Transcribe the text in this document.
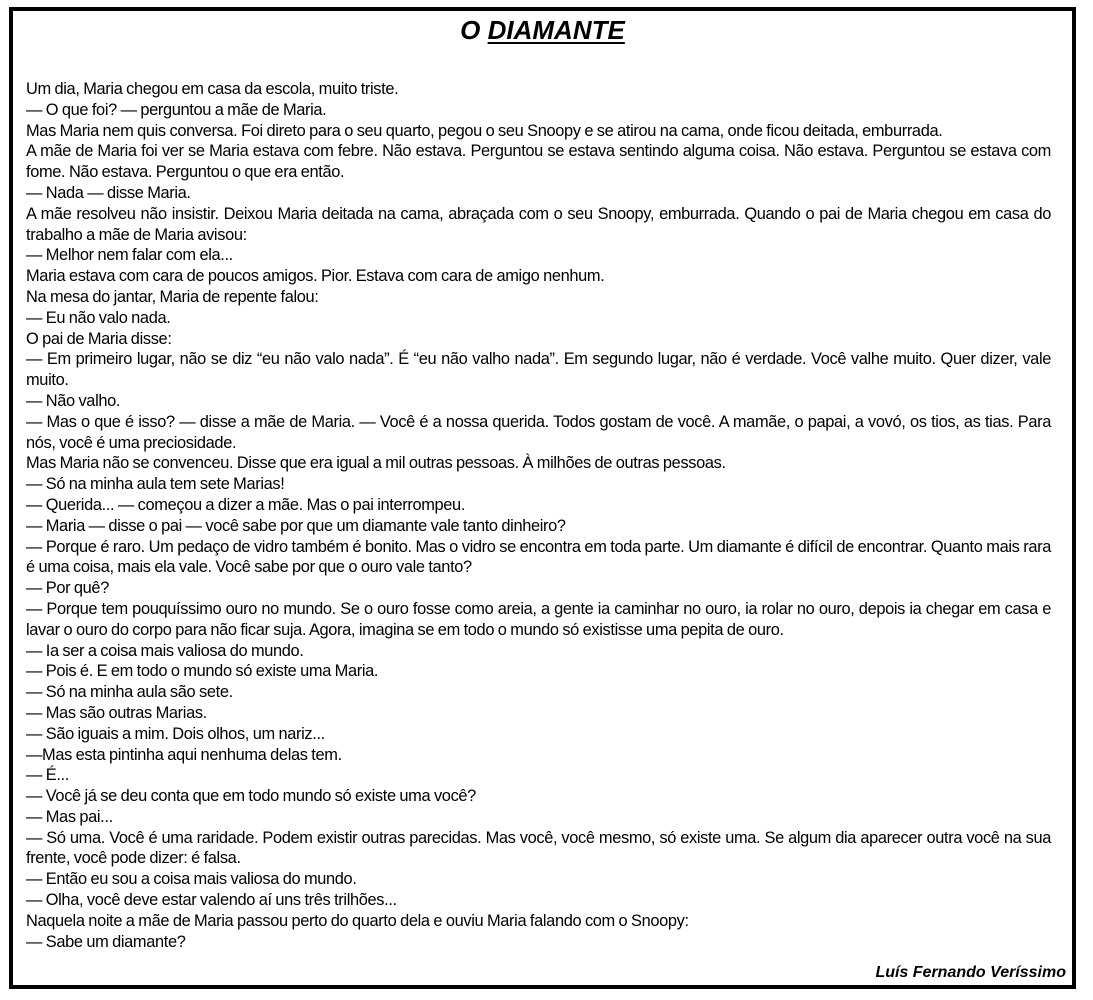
O DIAMANTE

Um dia, Maria chegou em casa da escola, muito triste.

— O que foi? — perguntou a mãe de Maria.

Mas Maria nem quis conversa. Foi direto para o seu quarto, pegou o seu Snoopy e se atirou na cama, onde ficou deitada, emburrada.

A mãe de Maria foi ver se Maria estava com febre. Não estava. Perguntou se estava sentindo alguma coisa. Não estava. Perguntou se estava com fome. Não estava. Perguntou o que era então.

— Nada — disse Maria.

A mãe resolveu não insistir. Deixou Maria deitada na cama, abraçada com o seu Snoopy, emburrada. Quando o pai de Maria chegou em casa do trabalho a mãe de Maria avisou:

— Melhor nem falar com ela...

Maria estava com cara de poucos amigos. Pior. Estava com cara de amigo nenhum.

Na mesa do jantar, Maria de repente falou:

— Eu não valo nada.

O pai de Maria disse:

— Em primeiro lugar, não se diz “eu não valo nada”. É “eu não valho nada”. Em segundo lugar, não é verdade. Você valhe muito. Quer dizer, vale muito.

— Não valho.

— Mas o que é isso? — disse a mãe de Maria. — Você é a nossa querida. Todos gostam de você. A mamãe, o papai, a vovó, os tios, as tias. Para nós, você é uma preciosidade.

Mas Maria não se convenceu. Disse que era igual a mil outras pessoas. À milhões de outras pessoas.

— Só na minha aula tem sete Marias!

— Querida... — começou a dizer a mãe. Mas o pai interrompeu.

— Maria — disse o pai — você sabe por que um diamante vale tanto dinheiro?

— Porque é raro. Um pedaço de vidro também é bonito. Mas o vidro se encontra em toda parte. Um diamante é difícil de encontrar. Quanto mais rara é uma coisa, mais ela vale. Você sabe por que o ouro vale tanto?

— Por quê?

— Porque tem pouquíssimo ouro no mundo. Se o ouro fosse como areia, a gente ia caminhar no ouro, ia rolar no ouro, depois ia chegar em casa e lavar o ouro do corpo para não ficar suja. Agora, imagina se em todo o mundo só existisse uma pepita de ouro.

— Ia ser a coisa mais valiosa do mundo.

— Pois é. E em todo o mundo só existe uma Maria.

— Só na minha aula são sete.

— Mas são outras Marias.

— São iguais a mim. Dois olhos, um nariz...

—Mas esta pintinha aqui nenhuma delas tem.

— É...

— Você já se deu conta que em todo mundo só existe uma você?

— Mas pai...

— Só uma. Você é uma raridade. Podem existir outras parecidas. Mas você, você mesmo, só existe uma. Se algum dia aparecer outra você na sua frente, você pode dizer: é falsa.

— Então eu sou a coisa mais valiosa do mundo.

— Olha, você deve estar valendo aí uns três trilhões...

Naquela noite a mãe de Maria passou perto do quarto dela e ouviu Maria falando com o Snoopy:

— Sabe um diamante?

Luís Fernando Veríssimo
